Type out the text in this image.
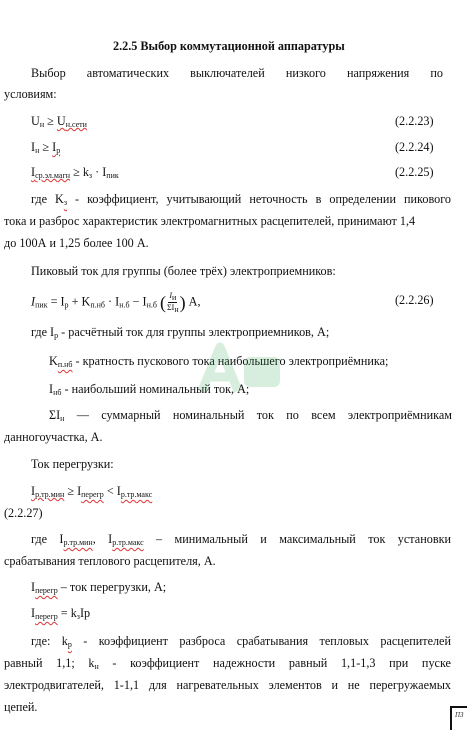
2.2.5 Выбор коммутационной аппаратуры
Выбор автоматических выключателей низкого напряжения по
условиям:
$U_н \ge U_{н.сети}$	(2.2.23)
$I_н \ge I_р$	(2.2.24)
$I_{ср.эл.магн} \ge k_з \cdot I_{пик}$	(2.2.25)
где $K_з$ - коэффициент, учитывающий неточность в определении пикового
тока и разброс характеристик электромагнитных расцепителей, принимают 1,4
до 100А и 1,25 более 100 А.
Пиковый ток для группы (более трёх) электроприемников:
$I_{пик} = I_р + K_{п.нб} \cdot I_{н.б} - I_{н.б}$ ( $\frac{I_и}{\Sigma I_н}$ ) A,	(2.2.26)
где $I_р$ - расчётный ток для группы электроприемников, А;
$K_{п.нб}$ - кратность пускового тока наибольшего электроприёмника;
$I_{нб}$ - наибольший номинальный ток, А;
$\Sigma I_н$ — суммарный номинальный ток по всем электроприёмникам
данногоучастка, А.
Ток перегрузки:
$I_{р.тр.мин} \ge I_{перегр} < I_{р.тр.макс}$
(2.2.27)
где $I_{р.тр.мин}$, $I_{р.тр.макс}$ – минимальный и максимальный ток установки
срабатывания теплового расцепителя, А.
$I_{перегр}$ – ток перегрузки, А;
$I_{перегр} = k_зIp$
где: $k_р$ - коэффициент разброса срабатывания тепловых расцепителей
равный 1,1; $k_н$ - коэффициент надежности равный 1,1-1,3 при пуске
электродвигателей, 1-1,1 для нагревательных элементов и не перегружаемых
цепей.
ПЗ
